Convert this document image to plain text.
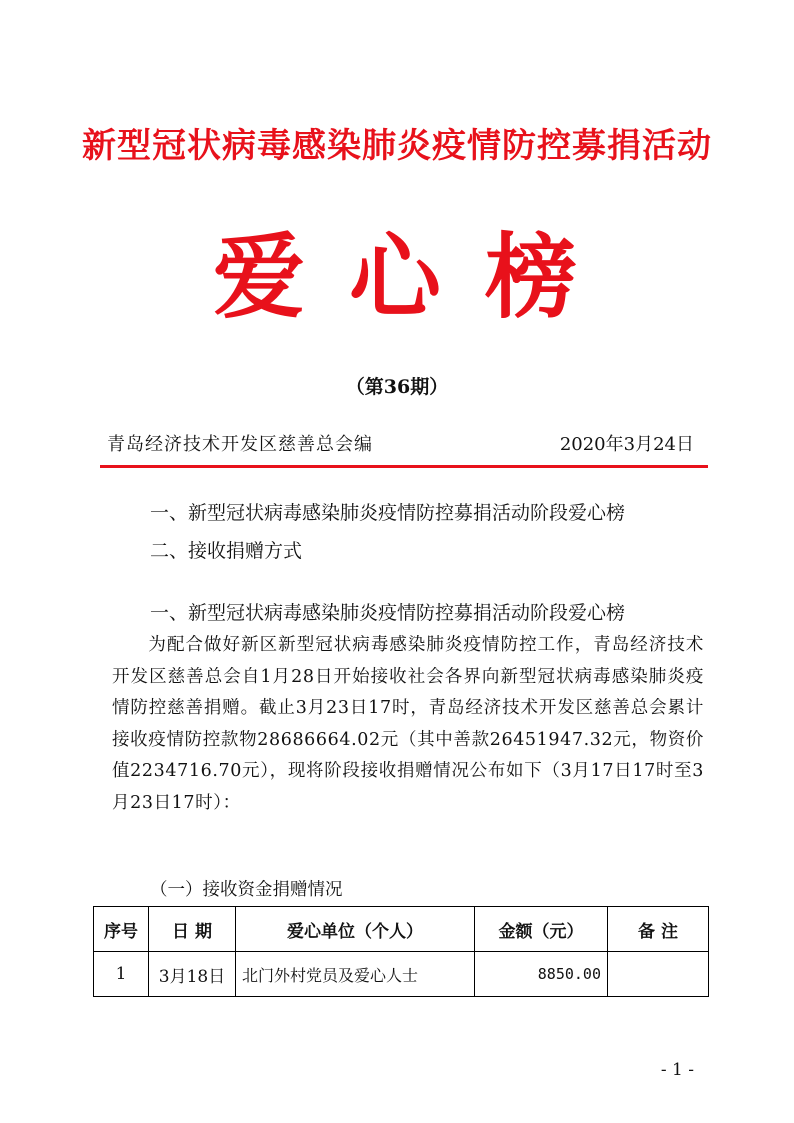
新型冠状病毒感染肺炎疫情防控募捐活动
爱心榜
（第36期）
青岛经济技术开发区慈善总会编	2020年3月24日
一、新型冠状病毒感染肺炎疫情防控募捐活动阶段爱心榜
二、接收捐赠方式
一、新型冠状病毒感染肺炎疫情防控募捐活动阶段爱心榜
为配合做好新区新型冠状病毒感染肺炎疫情防控工作，青岛经济技术开发区慈善总会自1月28日开始接收社会各界向新型冠状病毒感染肺炎疫情防控慈善捐赠。截止3月23日17时，青岛经济技术开发区慈善总会累计接收疫情防控款物28686664.02元（其中善款26451947.32元，物资价值2234716.70元），现将阶段接收捐赠情况公布如下（3月17日17时至3月23日17时）：
（一）接收资金捐赠情况
序号	日 期	爱心单位（个人）	金额（元）	备 注
1	3月18日	北门外村党员及爱心人士	8850.00	
- 1 -
